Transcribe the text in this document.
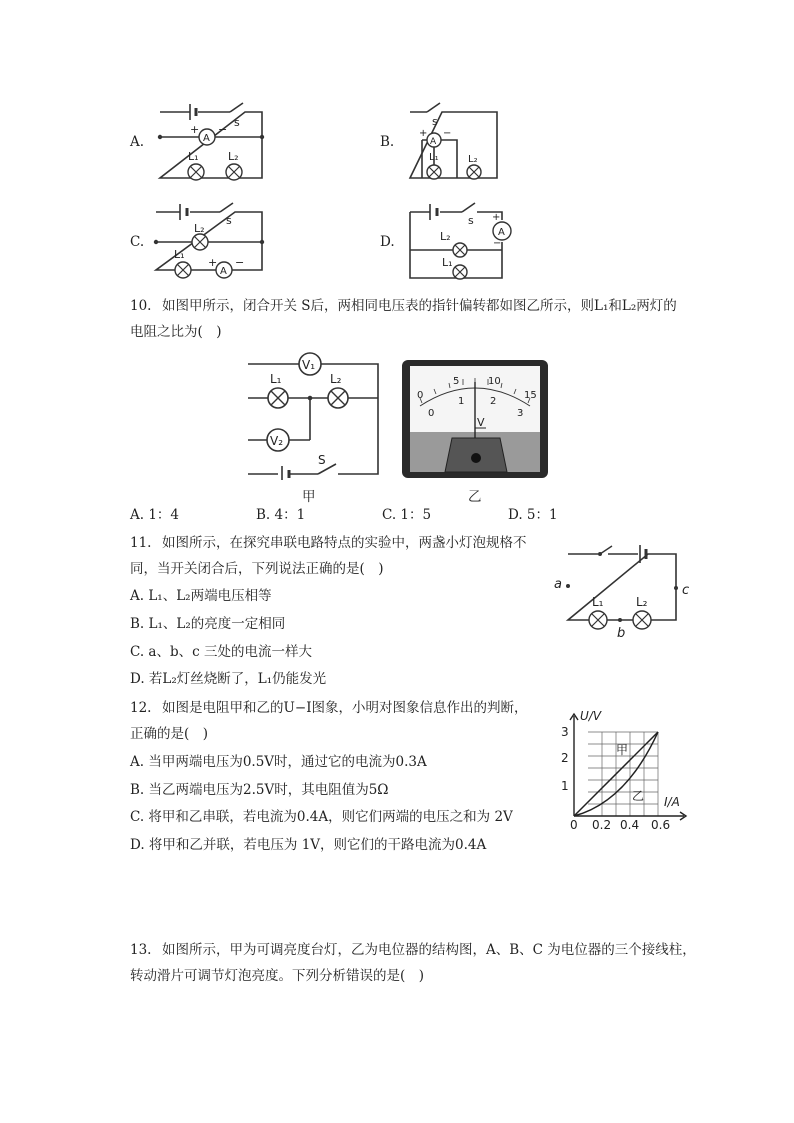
A.
s
A
+ −
L₁	L₂
B.
s
A
+ −
L₁	L₂
C.
s
L₂
L₁
A
+ −
D.
s
A
+
−
L₂
L₁
10. 如图甲所示，闭合开关 S后，两相同电压表的指针偏转都如图乙所示，则L₁和L₂两灯的
电阻之比为(　)
V₁
L₁	L₂
V₂
S
甲
0
5	10
15
0
1	2
3
V
乙
A. 1：4	B. 4：1	C. 1：5	D. 5：1
11. 如图所示，在探究串联电路特点的实验中，两盏小灯泡规格不
同，当开关闭合后，下列说法正确的是(　)
A. L₁、L₂两端电压相等
B. L₁、L₂的亮度一定相同
C. a、b、c 三处的电流一样大
D. 若L₂灯丝烧断了，L₁仍能发光
a	c
b
L₁	L₂
12. 如图是电阻甲和乙的U−I图象，小明对图象信息作出的判断，
正确的是(　)
A. 当甲两端电压为0.5V时，通过它的电流为0.3A
B. 当乙两端电压为2.5V时，其电阻值为5Ω
C. 将甲和乙串联，若电流为0.4A，则它们两端的电压之和为 2V
D. 将甲和乙并联，若电压为 1V，则它们的干路电流为0.4A
U/V
I/A
1
2
3
0 0.2 0.4 0.6
甲
乙
13. 如图所示，甲为可调亮度台灯，乙为电位器的结构图，A、B、C 为电位器的三个接线柱，
转动滑片可调节灯泡亮度。下列分析错误的是(　)
